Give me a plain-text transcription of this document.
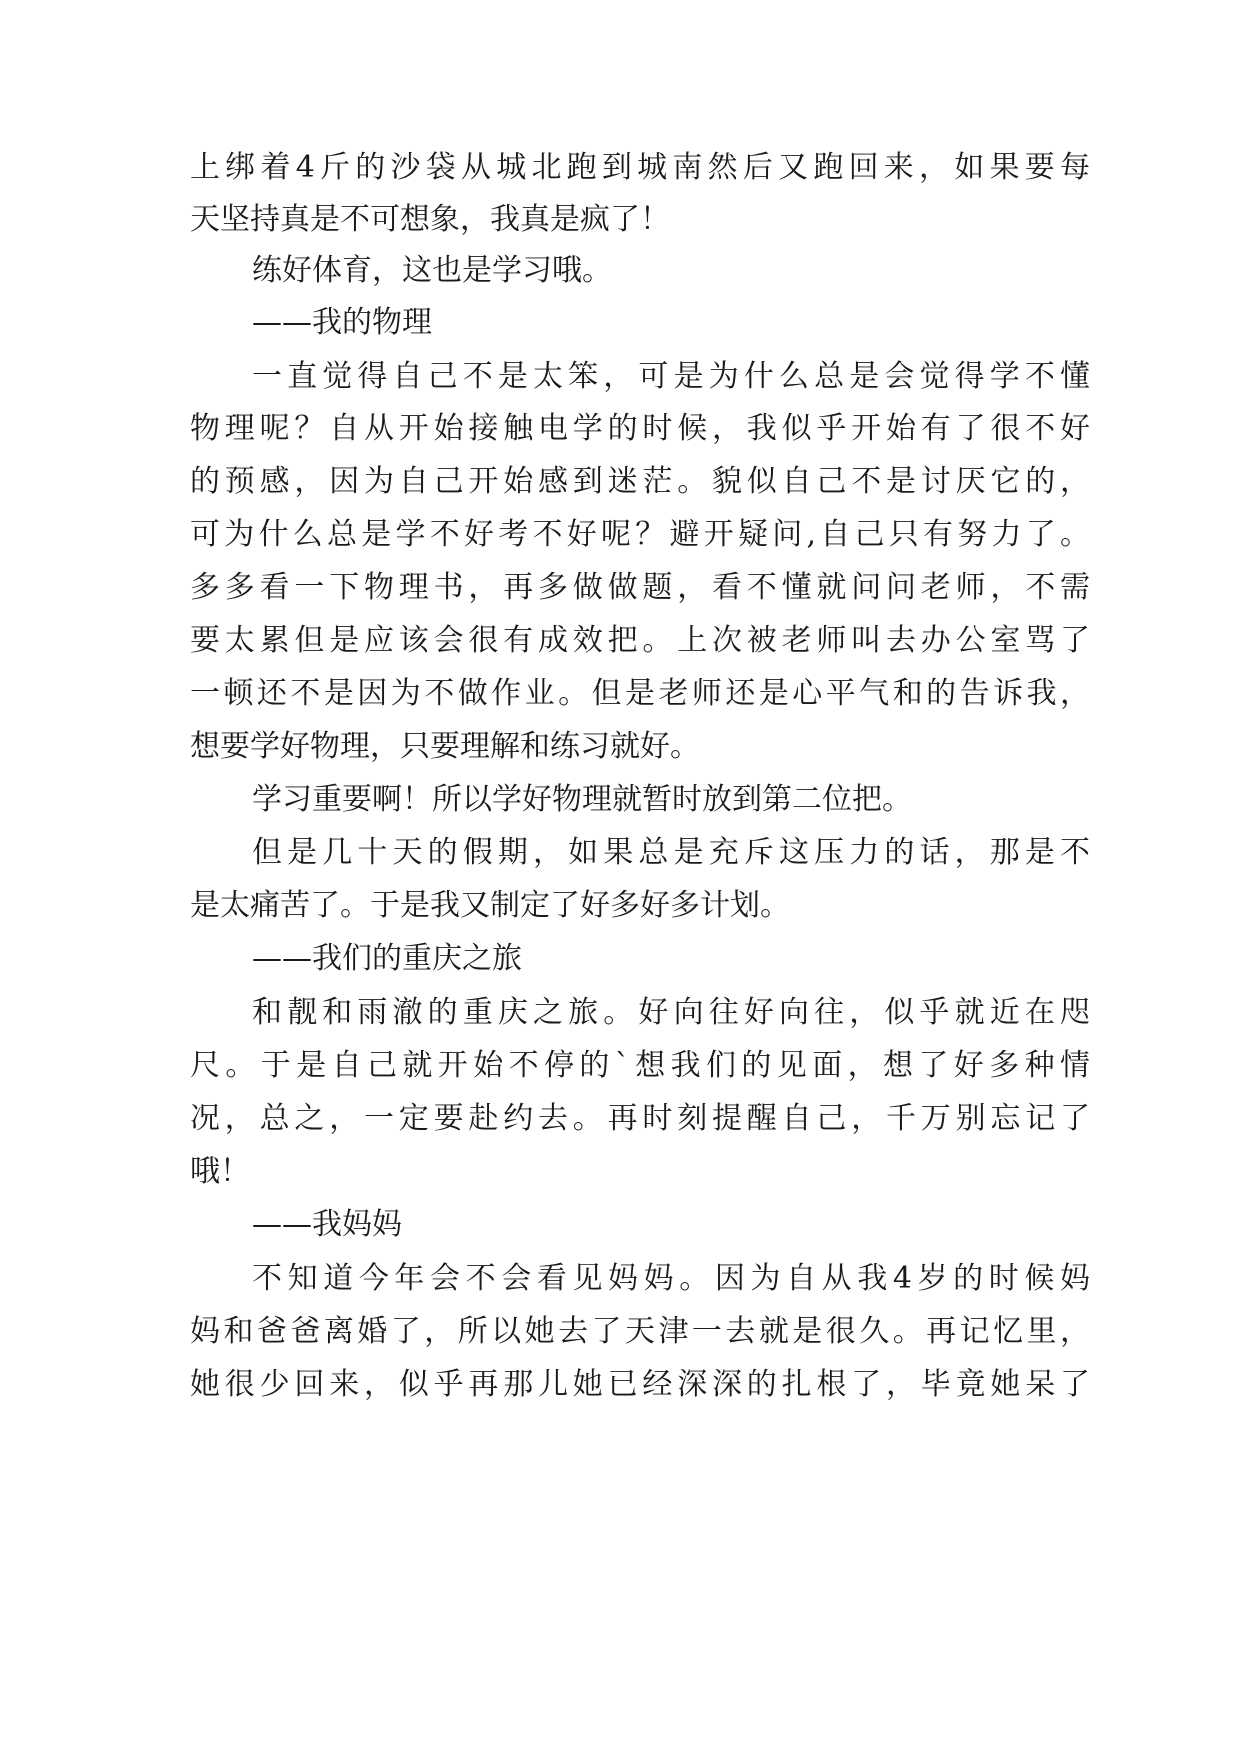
上绑着4斤的沙袋从城北跑到城南然后又跑回来，如果要每
天坚持真是不可想象，我真是疯了！
练好体育，这也是学习哦。
——我的物理
一直觉得自己不是太笨，可是为什么总是会觉得学不懂
物理呢？自从开始接触电学的时候，我似乎开始有了很不好
的预感，因为自己开始感到迷茫。貌似自己不是讨厌它的，
可为什么总是学不好考不好呢？避开疑问,自己只有努力了。
多多看一下物理书，再多做做题，看不懂就问问老师，不需
要太累但是应该会很有成效把。上次被老师叫去办公室骂了
一顿还不是因为不做作业。但是老师还是心平气和的告诉我，
想要学好物理，只要理解和练习就好。
学习重要啊！所以学好物理就暂时放到第二位把。
但是几十天的假期，如果总是充斥这压力的话，那是不
是太痛苦了。于是我又制定了好多好多计划。
——我们的重庆之旅
和靓和雨澈的重庆之旅。好向往好向往，似乎就近在咫
尺。于是自己就开始不停的`想我们的见面，想了好多种情
况，总之，一定要赴约去。再时刻提醒自己，千万别忘记了
哦！
——我妈妈
不知道今年会不会看见妈妈。因为自从我4岁的时候妈
妈和爸爸离婚了，所以她去了天津一去就是很久。再记忆里，
她很少回来，似乎再那儿她已经深深的扎根了，毕竟她呆了
